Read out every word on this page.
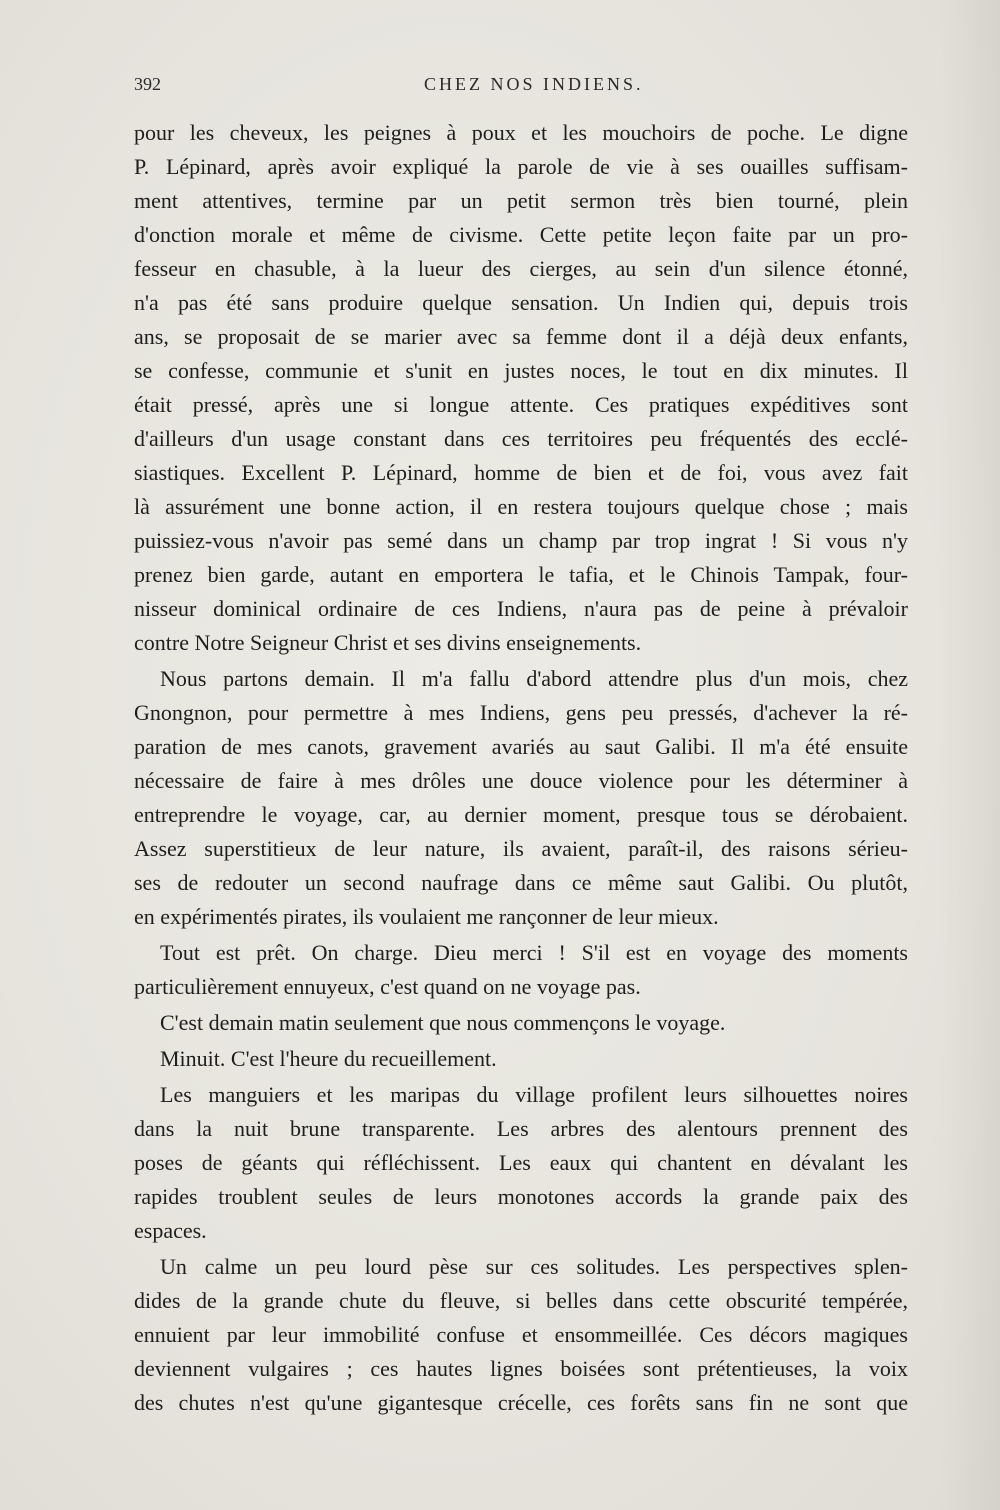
392	CHEZ NOS INDIENS.
pour les cheveux, les peignes à poux et les mouchoirs de poche. Le digne
P. Lépinard, après avoir expliqué la parole de vie à ses ouailles suffisam-
ment attentives, termine par un petit sermon très bien tourné, plein
d'onction morale et même de civisme. Cette petite leçon faite par un pro-
fesseur en chasuble, à la lueur des cierges, au sein d'un silence étonné,
n'a pas été sans produire quelque sensation. Un Indien qui, depuis trois
ans, se proposait de se marier avec sa femme dont il a déjà deux enfants,
se confesse, communie et s'unit en justes noces, le tout en dix minutes. Il
était pressé, après une si longue attente. Ces pratiques expéditives sont
d'ailleurs d'un usage constant dans ces territoires peu fréquentés des ecclé-
siastiques. Excellent P. Lépinard, homme de bien et de foi, vous avez fait
là assurément une bonne action, il en restera toujours quelque chose ; mais
puissiez-vous n'avoir pas semé dans un champ par trop ingrat ! Si vous n'y
prenez bien garde, autant en emportera le tafia, et le Chinois Tampak, four-
nisseur dominical ordinaire de ces Indiens, n'aura pas de peine à prévaloir
contre Notre Seigneur Christ et ses divins enseignements.
Nous partons demain. Il m'a fallu d'abord attendre plus d'un mois, chez
Gnongnon, pour permettre à mes Indiens, gens peu pressés, d'achever la ré-
paration de mes canots, gravement avariés au saut Galibi. Il m'a été ensuite
nécessaire de faire à mes drôles une douce violence pour les déterminer à
entreprendre le voyage, car, au dernier moment, presque tous se dérobaient.
Assez superstitieux de leur nature, ils avaient, paraît-il, des raisons sérieu-
ses de redouter un second naufrage dans ce même saut Galibi. Ou plutôt,
en expérimentés pirates, ils voulaient me rançonner de leur mieux.
Tout est prêt. On charge. Dieu merci ! S'il est en voyage des moments
particulièrement ennuyeux, c'est quand on ne voyage pas.
C'est demain matin seulement que nous commençons le voyage.
Minuit. C'est l'heure du recueillement.
Les manguiers et les maripas du village profilent leurs silhouettes noires
dans la nuit brune transparente. Les arbres des alentours prennent des
poses de géants qui réfléchissent. Les eaux qui chantent en dévalant les
rapides troublent seules de leurs monotones accords la grande paix des
espaces.
Un calme un peu lourd pèse sur ces solitudes. Les perspectives splen-
dides de la grande chute du fleuve, si belles dans cette obscurité tempérée,
ennuient par leur immobilité confuse et ensommeillée. Ces décors magiques
deviennent vulgaires ; ces hautes lignes boisées sont prétentieuses, la voix
des chutes n'est qu'une gigantesque crécelle, ces forêts sans fin ne sont que
